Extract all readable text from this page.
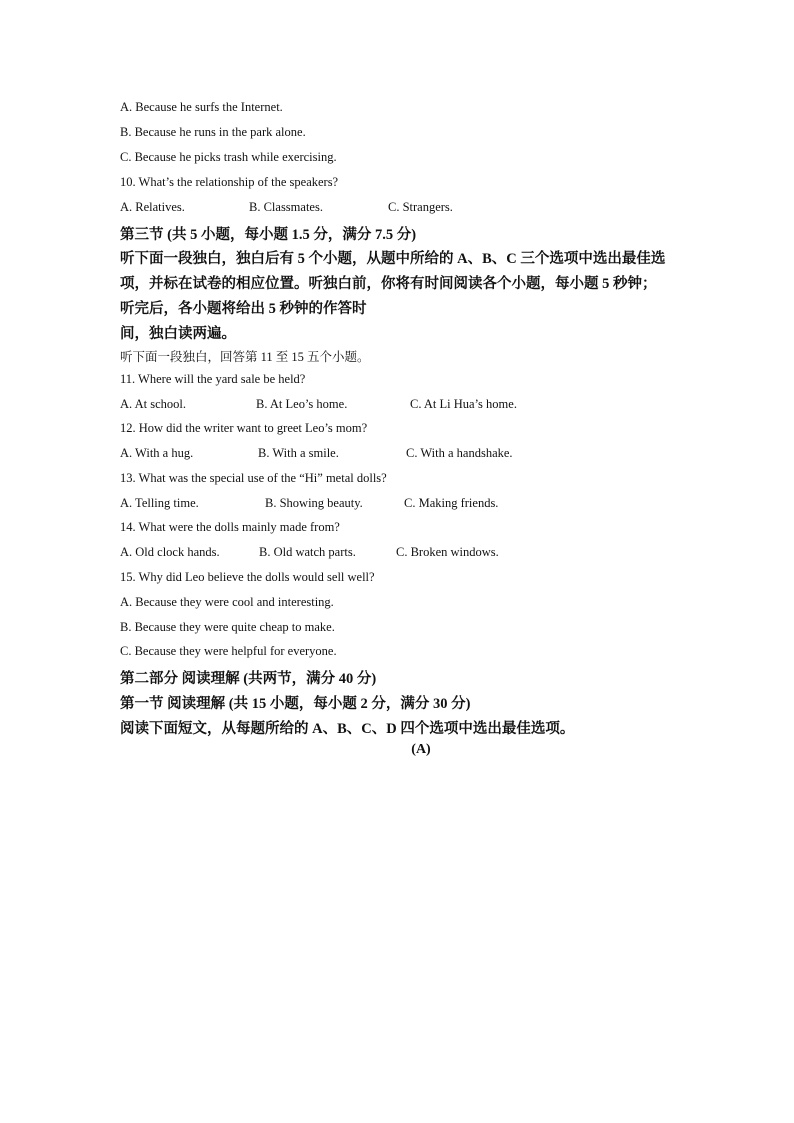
A. Because he surfs the Internet.
B. Because he runs in the park alone.
C. Because he picks trash while exercising.
10. What’s the relationship of the speakers?
A. Relatives.	B. Classmates.	C. Strangers.
第三节 (共 5 小题，每小题 1.5 分，满分 7.5 分)
听下面一段独白，独白后有 5 个小题，从题中所给的 A、B、C 三个选项中选出最佳选
项，并标在试卷的相应位置。听独白前，你将有时间阅读各个小题，每小题 5 秒钟；
听完后，各小题将给出 5 秒钟的作答时
间，独白读两遍。
听下面一段独白，回答第 11 至 15 五个小题。
11. Where will the yard sale be held?
A. At school.	B. At Leo’s home.	C. At Li Hua’s home.
12. How did the writer want to greet Leo’s mom?
A. With a hug.	B. With a smile.	C. With a handshake.
13. What was the special use of the “Hi” metal dolls?
A. Telling time.	B. Showing beauty.	C. Making friends.
14. What were the dolls mainly made from?
A. Old clock hands.	B. Old watch parts.	C. Broken windows.
15. Why did Leo believe the dolls would sell well?
A. Because they were cool and interesting.
B. Because they were quite cheap to make.
C. Because they were helpful for everyone.
第二部分 阅读理解 (共两节，满分 40 分)
第一节 阅读理解 (共 15 小题，每小题 2 分，满分 30 分)
阅读下面短文，从每题所给的 A、B、C、D 四个选项中选出最佳选项。
(A)
